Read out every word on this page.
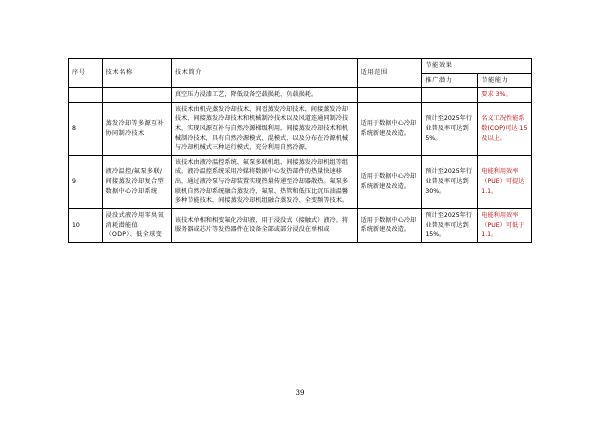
序号	技术名称	技术简介	适用范围	节能效果	
				推广潜力	节能能力
		真空压力浸漆工艺，降低设备空载损耗、负载损耗。			要求 3%。
8	蒸发冷却等多源互补协同制冷技术	该技术由机壳蒸发冷却技术、间접蒸发冷却技术、间接蒸发冷却技术、间接蒸发冷却技术和机械制冷技术以及风道连通同制冷技术，实现风源互补与自然冷源梯级利用，间接蒸发冷却技术和机械制冷技术，具有自然冷源模式、混模式、以及分布在冷源机械与冷却机械式三种运行模式，充分利用自然冷源。	适用于数据中心冷却系统新建及改造。	预计至2025年行业普及率可达到5%。	名义工况性能系数(COP)可达 15 及以上。
9	液冷温控/氟泵多联/间接蒸发冷却复合型数据中心冷却系统	该技术由液冷温控系统、氟泵多联机组、间接蒸发冷却机组等组成。液冷温控系统采用冷媒将数据中心发热部件的热量快速移出，通过液冷泵与冷却装置实现热量传递至冷却器散热。氟泵多联机自然冷却系统融合蒸发冷、氟泵、热管和低压比沉压油温馨多种节能技术，间接蒸发冷却机组融合蒸发冷、全变频等技术。	适用于数据中心冷却系统新建及改造。	预计至2025年行业普及率可达到30%。	电能利用效率（PUE）可提达1.1。
10	浸没式液冷用零臭氧消耗潜能值（ODP）、低全球变	该技术单相和相变氟化冷却液，用于浸没式（接触式）液冷。将服务器或芯片等发热器件在设备全部或部分浸没在单相或	适用于数据中心冷却系统新建及改造。	预计至2025年行业普及率可达到15%。	电能利用效率（PUE）可低于 1.1。
39
